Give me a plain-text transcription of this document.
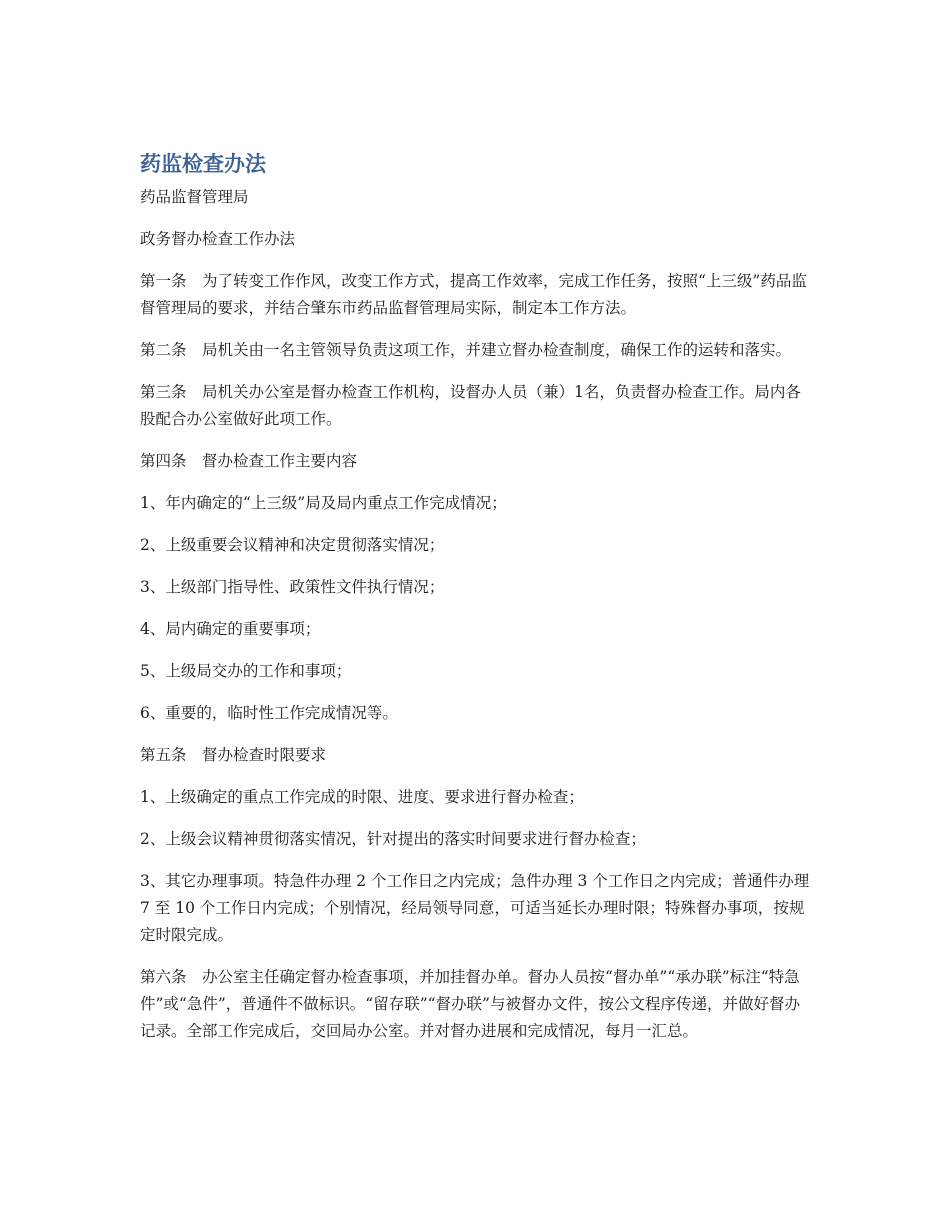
药监检查办法

药品监督管理局

政务督办检查工作办法

第一条　为了转变工作作风，改变工作方式，提高工作效率，完成工作任务，按照“上三级”药品监督管理局的要求，并结合肇东市药品监督管理局实际，制定本工作方法。

第二条　局机关由一名主管领导负责这项工作，并建立督办检查制度，确保工作的运转和落实。

第三条　局机关办公室是督办检查工作机构，设督办人员（兼）1名，负责督办检查工作。局内各股配合办公室做好此项工作。

第四条　督办检查工作主要内容

1、年内确定的“上三级”局及局内重点工作完成情况；

2、上级重要会议精神和决定贯彻落实情况；

3、上级部门指导性、政策性文件执行情况；

4、局内确定的重要事项；

5、上级局交办的工作和事项；

6、重要的，临时性工作完成情况等。

第五条　督办检查时限要求

1、上级确定的重点工作完成的时限、进度、要求进行督办检查；

2、上级会议精神贯彻落实情况，针对提出的落实时间要求进行督办检查；

3、其它办理事项。特急件办理 2 个工作日之内完成；急件办理 3 个工作日之内完成；普通件办理 7 至 10 个工作日内完成；个别情况，经局领导同意，可适当延长办理时限；特殊督办事项，按规定时限完成。

第六条　办公室主任确定督办检查事项，并加挂督办单。督办人员按“督办单”“承办联”标注“特急件”或“急件”，普通件不做标识。“留存联”“督办联”与被督办文件，按公文程序传递，并做好督办记录。全部工作完成后，交回局办公室。并对督办进展和完成情况，每月一汇总。
